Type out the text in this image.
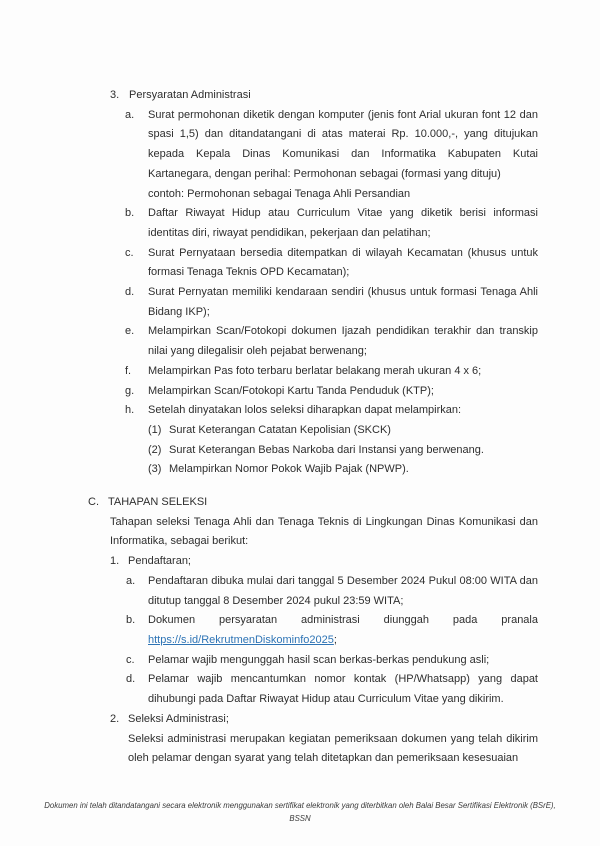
3. Persyaratan Administrasi
a.	Surat permohonan diketik dengan komputer (jenis font Arial ukuran font 12 dan spasi 1,5) dan ditandatangani di atas materai Rp. 10.000,-, yang ditujukan kepada Kepala Dinas Komunikasi dan Informatika Kabupaten Kutai Kartanegara, dengan perihal: Permohonan sebagai (formasi yang dituju)
contoh: Permohonan sebagai Tenaga Ahli Persandian
b.	Daftar Riwayat Hidup atau Curriculum Vitae yang diketik berisi informasi identitas diri, riwayat pendidikan, pekerjaan dan pelatihan;
c.	Surat Pernyataan bersedia ditempatkan di wilayah Kecamatan (khusus untuk formasi Tenaga Teknis OPD Kecamatan);
d.	Surat Pernyatan memiliki kendaraan sendiri (khusus untuk formasi Tenaga Ahli Bidang IKP);
e.	Melampirkan Scan/Fotokopi dokumen Ijazah pendidikan terakhir dan transkip nilai yang dilegalisir oleh pejabat berwenang;
f.	Melampirkan Pas foto terbaru berlatar belakang merah ukuran 4 x 6;
g.	Melampirkan Scan/Fotokopi Kartu Tanda Penduduk (KTP);
h.	Setelah dinyatakan lolos seleksi diharapkan dapat melampirkan:
(1) Surat Keterangan Catatan Kepolisian (SKCK)
(2) Surat Keterangan Bebas Narkoba dari Instansi yang berwenang.
(3) Melampirkan Nomor Pokok Wajib Pajak (NPWP).
C. TAHAPAN SELEKSI
Tahapan seleksi Tenaga Ahli dan Tenaga Teknis di Lingkungan Dinas Komunikasi dan Informatika, sebagai berikut:
1. Pendaftaran;
a.	Pendaftaran dibuka mulai dari tanggal 5 Desember 2024 Pukul 08:00 WITA dan ditutup tanggal 8 Desember 2024 pukul 23:59 WITA;
b.	Dokumen persyaratan administrasi diunggah pada pranala https://s.id/RekrutmenDiskominfo2025;
c.	Pelamar wajib mengunggah hasil scan berkas-berkas pendukung asli;
d.	Pelamar wajib mencantumkan nomor kontak (HP/Whatsapp) yang dapat dihubungi pada Daftar Riwayat Hidup atau Curriculum Vitae yang dikirim.
2. Seleksi Administrasi;
Seleksi administrasi merupakan kegiatan pemeriksaan dokumen yang telah dikirim oleh pelamar dengan syarat yang telah ditetapkan dan pemeriksaan kesesuaian
Dokumen ini telah ditandatangani secara elektronik menggunakan sertifikat elektronik yang diterbitkan oleh Balai Besar Sertifikasi Elektronik (BSrE),
BSSN
